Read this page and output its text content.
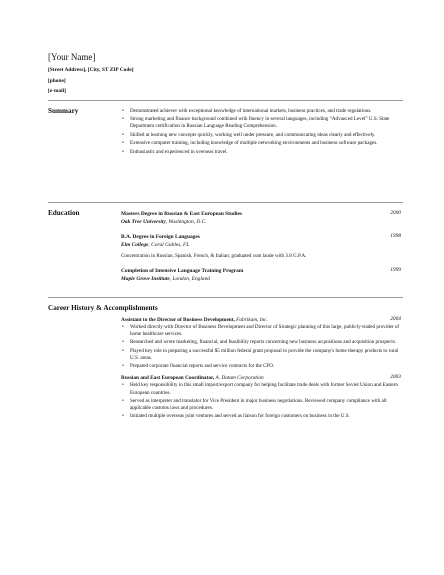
[Your Name]
[Street Address], [City, ST ZIP Code]
[phone]
[e-mail]
Summary
•	Demonstrated achiever with exceptional knowledge of international markets, business practices, and trade regulations.
• Strong marketing and finance background combined with fluency in several languages, including “Advanced Level” U.S. State Department certification in Russian Language Reading Comprehension.
• Skilled at learning new concepts quickly, working well under pressure, and communicating ideas clearly and effectively.
• Extensive computer training, including knowledge of multiple networking environments and business software packages.
• Enthusiastic and experienced in overseas travel.
Education	Masters Degree in Russian & East European Studies
Oak Tree University, Washington, D.C.
2000
B.A. Degree in Foreign Languages
Elm College, Coral Gables, FL
Concentration in Russian, Spanish, French, & Italian; graduated cum laude with 3.8 G.P.A.
1998
Completion of Intensive Language Training Program
Maple Grove Institute, London, England
1999
Career History & Accomplishments
Assistant to the Director of Business Development, Fabrikam, Inc.	2004
• Worked directly with Director of Business Development and Director of Strategic planning of this large, publicly-traded provider of home healthcare services.
• Researched and wrote marketing, financial, and feasibility reports concerning new business acquisitions and acquisition prospects.
• Played key role in preparing a successful $5 million federal grant proposal to provide the company's home therapy products to rural U.S. areas.
• Prepared corporate financial reports and service contracts for the CFO.
Russian and East European Coordinator, A. Datum Corporation	2003
• Held key responsibility in this small import/export company for helping facilitate trade deals with former Soviet Union and Eastern European countries.
• Served as interpreter and translator for Vice President in major business negotiations. Reviewed company compliance with all applicable customs laws and procedures.
• Initiated multiple overseas joint ventures and served as liaison for foreign customers on business in the U.S.
